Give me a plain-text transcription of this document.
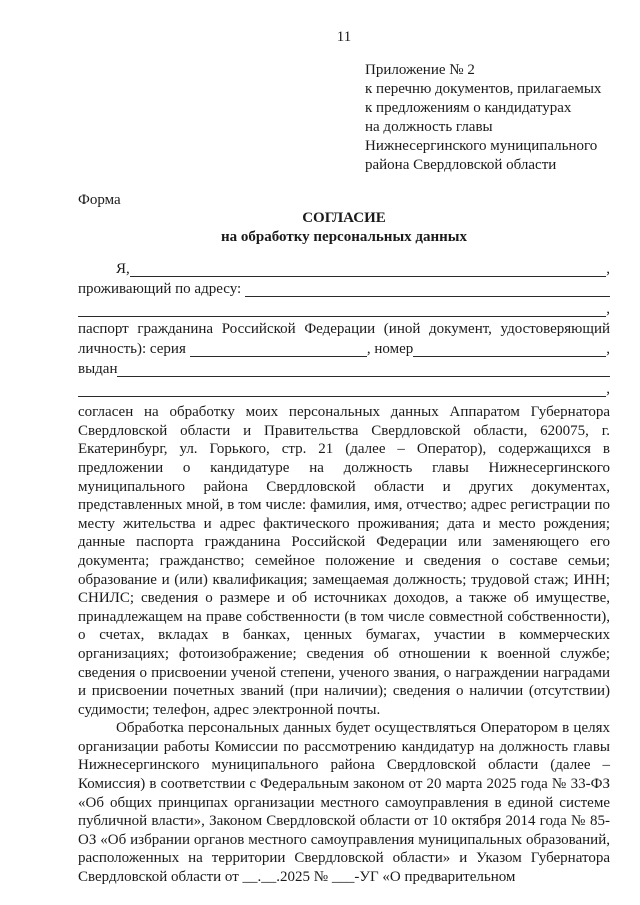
11
Приложение № 2
к перечню документов, прилагаемых
к предложениям о кандидатурах
на должность главы
Нижнесергинского муниципального
района Свердловской области
Форма
СОГЛАСИЕ
на обработку персональных данных
Я,	,
проживающий по адресу:
,
паспорт гражданина Российской Федерации (иной документ, удостоверяющий
личность): серия	, номер	,
выдан
,

согласен на обработку моих персональных данных Аппаратом Губернатора Свердловской области и Правительства Свердловской области, 620075, г. Екатеринбург, ул. Горького, стр. 21 (далее – Оператор), содержащихся в предложении о кандидатуре на должность главы Нижнесергинского муниципального района Свердловской области и других документах, представленных мной, в том числе: фамилия, имя, отчество; адрес регистрации по месту жительства и адрес фактического проживания; дата и место рождения; данные паспорта гражданина Российской Федерации или заменяющего его документа; гражданство; семейное положение и сведения о составе семьи; образование и (или) квалификация; замещаемая должность; трудовой стаж; ИНН; СНИЛС; сведения о размере и об источниках доходов, а также об имуществе, принадлежащем на праве собственности (в том числе совместной собственности), о счетах, вкладах в банках, ценных бумагах, участии в коммерческих организациях; фотоизображение; сведения об отношении к военной службе; сведения о присвоении ученой степени, ученого звания, о награждении наградами и присвоении почетных званий (при наличии); сведения о наличии (отсутствии) судимости; телефон, адрес электронной почты.

Обработка персональных данных будет осуществляться Оператором в целях организации работы Комиссии по рассмотрению кандидатур на должность главы Нижнесергинского муниципального района Свердловской области (далее – Комиссия) в соответствии с Федеральным законом от 20 марта 2025 года № 33-ФЗ «Об общих принципах организации местного самоуправления в единой системе публичной власти», Законом Свердловской области от 10 октября 2014 года № 85-ОЗ «Об избрании органов местного самоуправления муниципальных образований, расположенных на территории Свердловской области» и Указом Губернатора Свердловской области от __.__.2025 № ___-УГ «О предварительном
